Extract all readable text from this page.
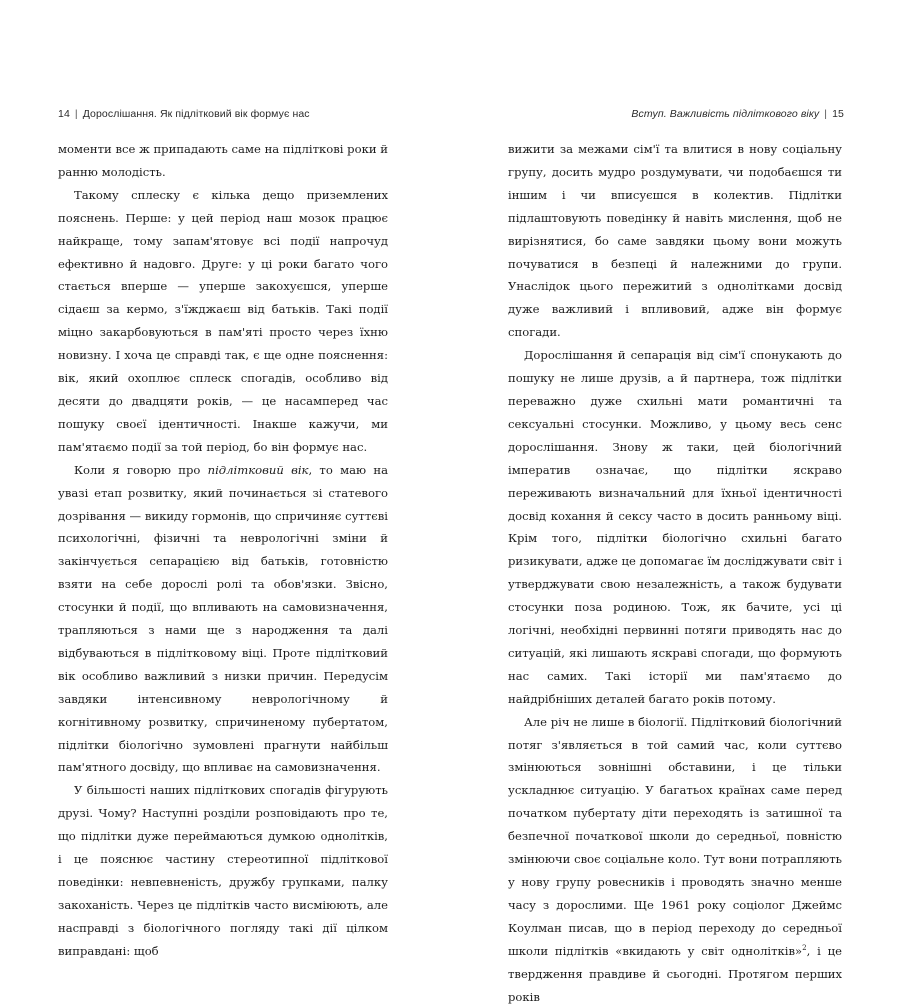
14 | Дорослішання. Як підлітковий вік формує нас

моменти все ж припадають саме на підліткові роки й ранню молодість.

Такому сплеску є кілька дещо приземлених пояснень. Перше: у цей період наш мозок працює найкраще, тому запам'ятовує всі події напрочуд ефективно й надовго. Друге: у ці роки багато чого стається вперше — уперше закохуєшся, уперше сідаєш за кермо, з'їжджаєш від батьків. Такі події міцно закарбовуються в пам'яті просто через їхню новизну. І хоча це справді так, є ще одне пояснення: вік, який охоплює сплеск спогадів, особливо від десяти до двадцяти років, — це насамперед час пошуку своєї ідентичності. Інакше кажучи, ми пам'ятаємо події за той період, бо він формує нас.

Коли я говорю про підлітковий вік, то маю на увазі етап розвитку, який починається зі статевого дозрівання — викиду гормонів, що спричиняє суттєві психологічні, фізичні та неврологічні зміни й закінчується сепарацією від батьків, готовністю взяти на себе дорослі ролі та обов'язки. Звісно, стосунки й події, що впливають на самовизначення, трапляються з нами ще з народження та далі відбуваються в підлітковому віці. Проте підлітковий вік особливо важливий з низки причин. Передусім завдяки інтенсивному неврологічному й когнітивному розвитку, спричиненому пубертатом, підлітки біологічно зумовлені прагнути найбільш пам'ятного досвіду, що впливає на самовизначення.

У більшості наших підліткових спогадів фігурують друзі. Чому? Наступні розділи розповідають про те, що підлітки дуже переймаються думкою однолітків, і це пояснює частину стереотипної підліткової поведінки: невпевненість, дружбу групками, палку закоханість. Через це підлітків часто висміюють, але насправді з біологічного погляду такі дії цілком виправдані: щоб

Вступ. Важливість підліткового віку | 15

вижити за межами сім'ї та влитися в нову соціальну групу, досить мудро роздумувати, чи подобаєшся ти іншим і чи вписуєшся в колектив. Підлітки підлаштовують поведінку й навіть мислення, щоб не вирізнятися, бо саме завдяки цьому вони можуть почуватися в безпеці й належними до групи. Унаслідок цього пережитий з однолітками досвід дуже важливий і впливовий, адже він формує спогади.

Дорослішання й сепарація від сім'ї спонукають до пошуку не лише друзів, а й партнера, тож підлітки переважно дуже схильні мати романтичні та сексуальні стосунки. Можливо, у цьому весь сенс дорослішання. Знову ж таки, цей біологічний імператив означає, що підлітки яскраво переживають визначальний для їхньої ідентичності досвід кохання й сексу часто в досить ранньому віці. Крім того, підлітки біологічно схильні багато ризикувати, адже це допомагає їм досліджувати світ і утверджувати свою незалежність, а також будувати стосунки поза родиною. Тож, як бачите, усі ці логічні, необхідні первинні потяги приводять нас до ситуацій, які лишають яскраві спогади, що формують нас самих. Такі історії ми пам'ятаємо до найдрібніших деталей багато років потому.

Але річ не лише в біології. Підлітковий біологічний потяг з'являється в той самий час, коли суттєво змінюються зовнішні обставини, і це тільки ускладнює ситуацію. У багатьох країнах саме перед початком пубертату діти переходять із затишної та безпечної початкової школи до середньої, повністю змінюючи своє соціальне коло. Тут вони потрапляють у нову групу ровесників і проводять значно менше часу з дорослими. Ще 1961 року соціолог Джеймс Коулман писав, що в період переходу до середньої школи підлітків «вкидають у світ однолітків»$^2$, і це твердження правдиве й сьогодні. Протягом перших років
